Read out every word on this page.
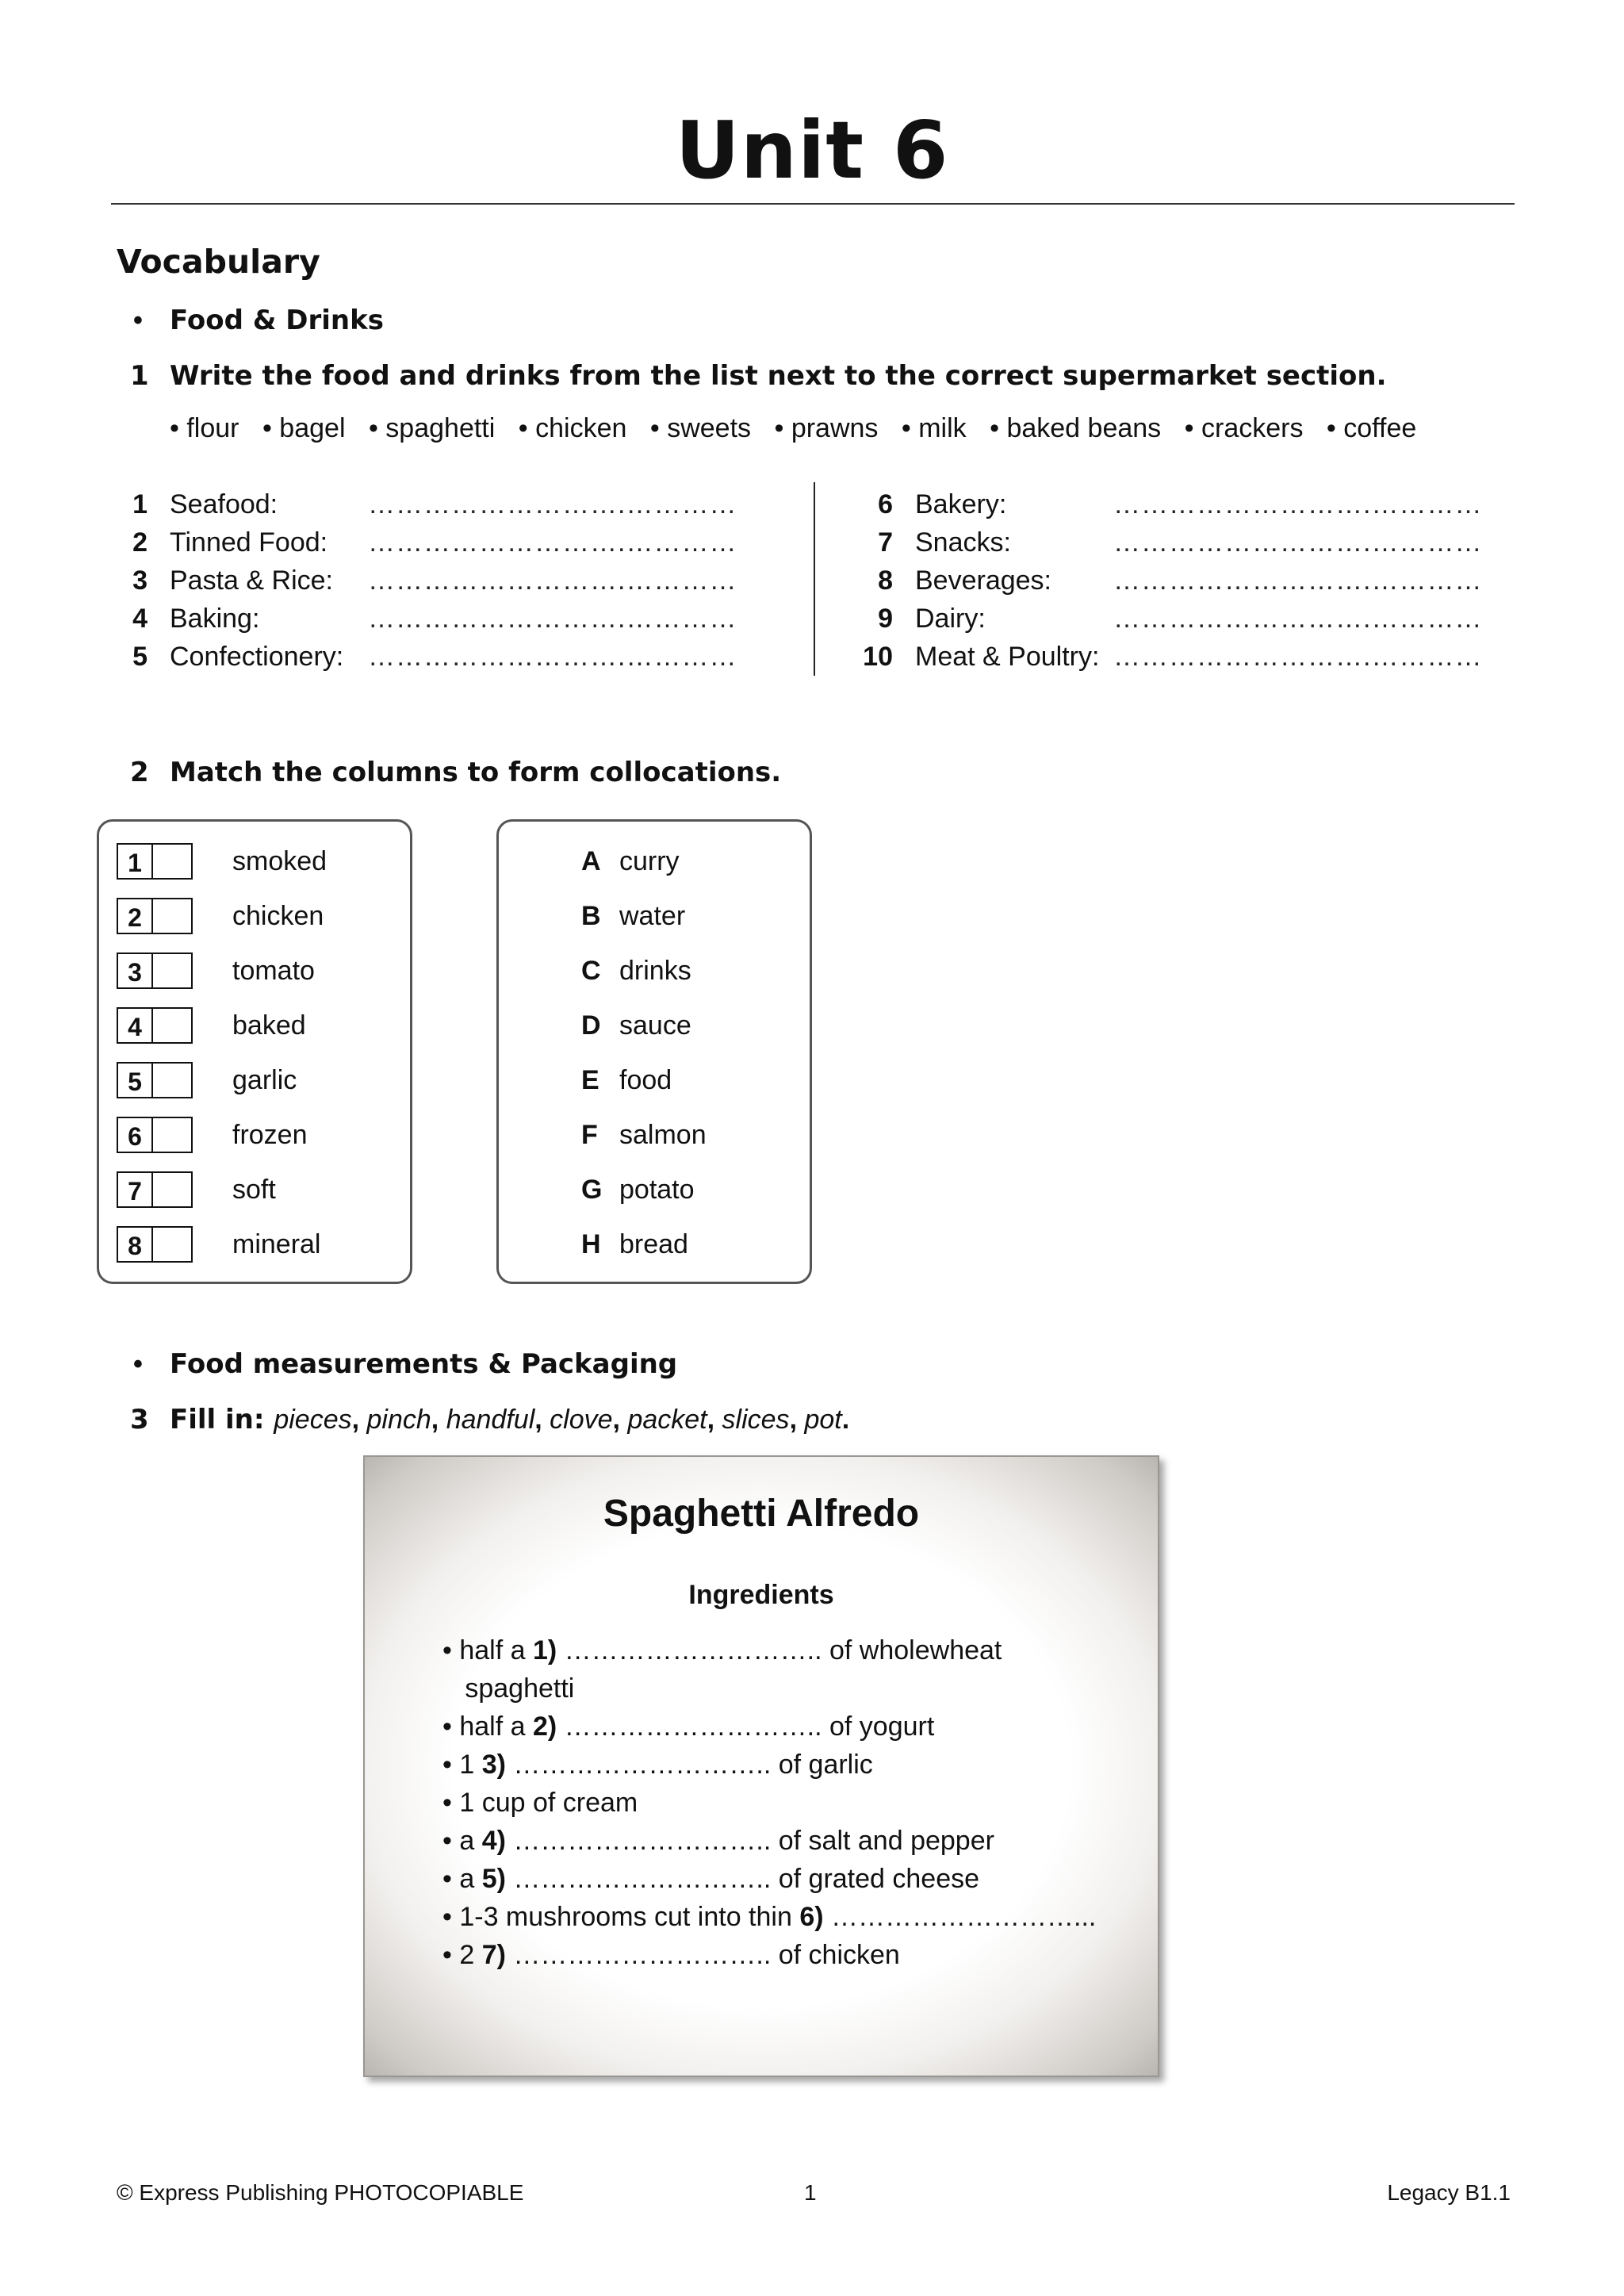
Unit 6
Vocabulary
• Food & Drinks
1 Write the food and drinks from the list next to the correct supermarket section.
• flour • bagel • spaghetti • chicken • sweets • prawns • milk • baked beans • crackers • coffee
1 Seafood:	……………………….…………
2 Tinned Food: ……………………….…………
3 Pasta & Rice: ……………………….…………
4 Baking:	……………………….…………
5 Confectionery: ……………………….…………
6 Bakery:	……………………….…………
7 Snacks:	……………………….…………
8 Beverages: ……………………….…………
9 Dairy:	……………………….…………
10 Meat & Poultry: ……………………….…………
2 Match the columns to form collocations.
1	smoked
2	chicken
3	tomato
4	baked
5	garlic
6	frozen
7	soft
8	mineral
A curry
B water
C drinks
D sauce
E food
F salmon
G potato
H bread
• Food measurements & Packaging
3 Fill in: pieces, pinch, handful, clove, packet, slices, pot.
Spaghetti Alfredo
Ingredients
• half a 1) ……………………….. of wholewheat
spaghetti
• half a 2) ……………………….. of yogurt
• 1 3) ……………………….. of garlic
• 1 cup of cream
• a 4) ……………………….. of salt and pepper
• a 5) ……………………….. of grated cheese
• 1-3 mushrooms cut into thin 6) ………………………...
• 2 7) ……………………….. of chicken
© Express Publishing PHOTOCOPIABLE	1	Legacy B1.1
